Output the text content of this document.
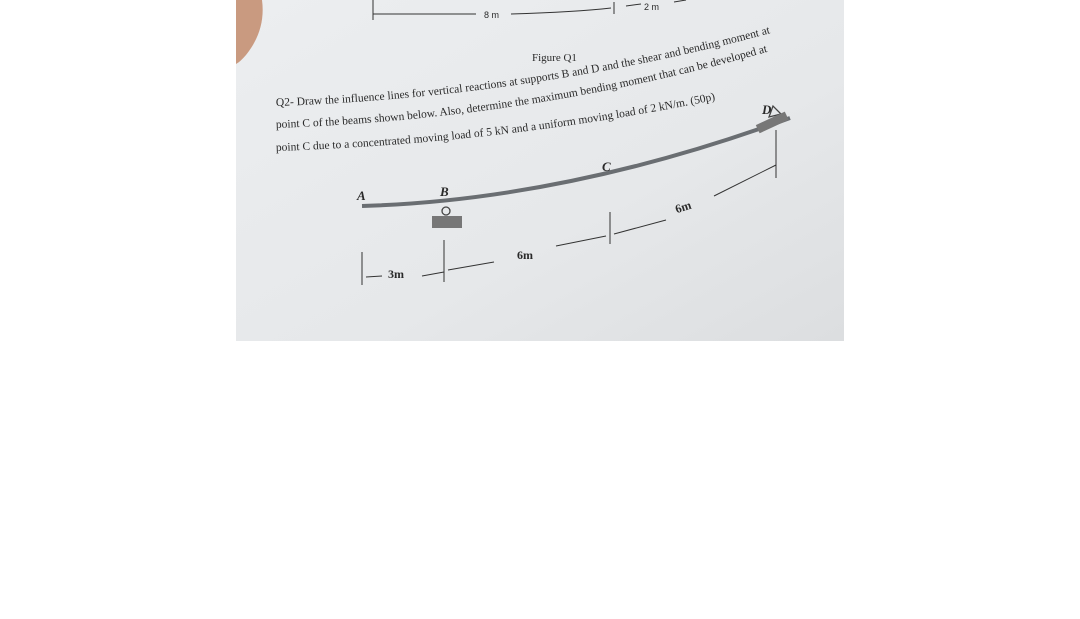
8 m
2 m
Figure Q1
Q2- Draw the influence lines for vertical reactions at supports B and D and the shear and bending moment at
point C of the beams shown below. Also, determine the maximum bending moment that can be developed at
point C due to a concentrated moving load of 5 kN and a uniform moving load of 2 kN/m. (50p)
A	B
C
D
3m
6m
6m
